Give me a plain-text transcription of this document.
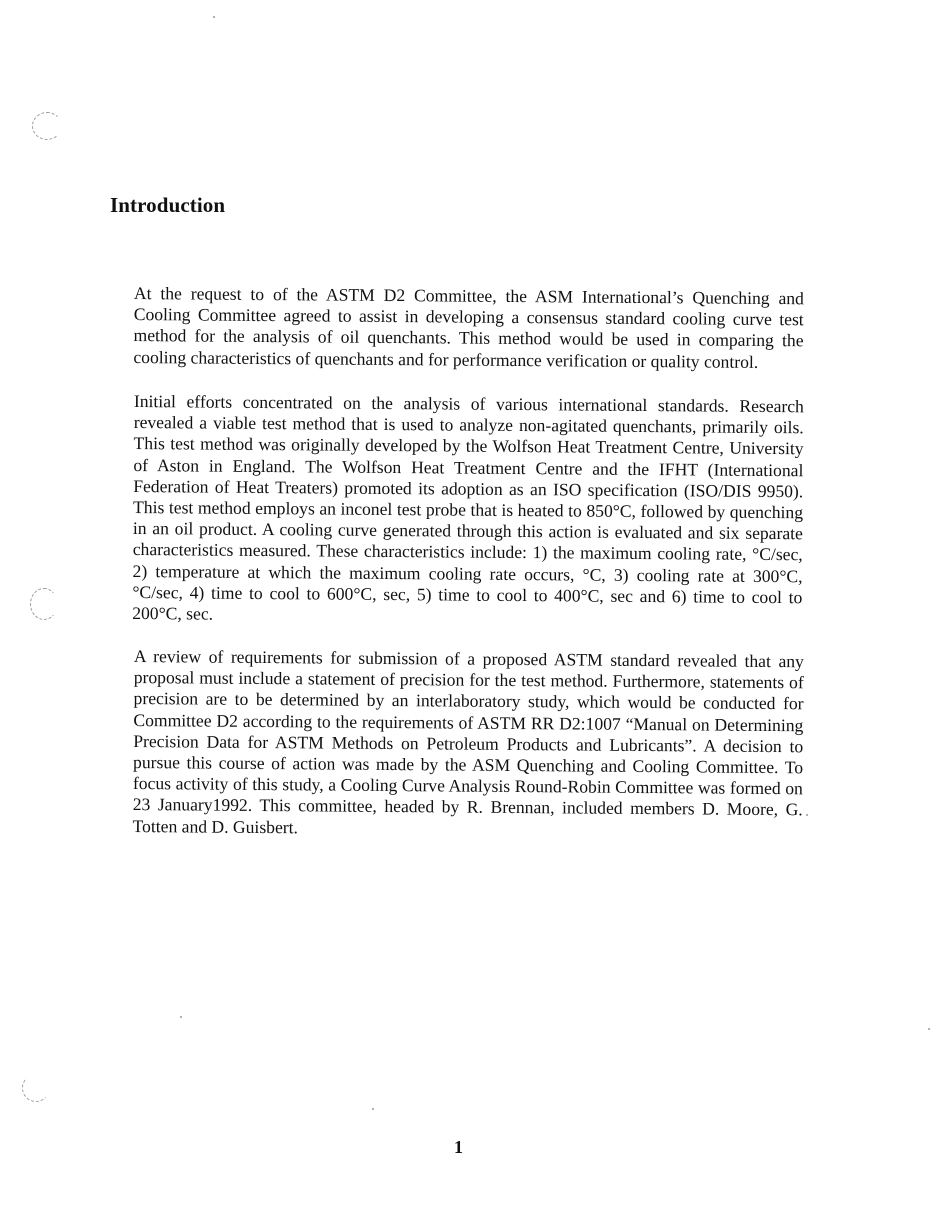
Introduction

At the request to of the ASTM D2 Committee, the ASM International’s Quenching and Cooling Committee agreed to assist in developing a consensus standard cooling curve test method for the analysis of oil quenchants. This method would be used in comparing the cooling characteristics of quenchants and for performance verification or quality control.

Initial efforts concentrated on the analysis of various international standards. Research revealed a viable test method that is used to analyze non-agitated quenchants, primarily oils. This test method was originally developed by the Wolfson Heat Treatment Centre, University of Aston in England. The Wolfson Heat Treatment Centre and the IFHT (International Federation of Heat Treaters) promoted its adoption as an ISO specification (ISO/DIS 9950). This test method employs an inconel test probe that is heated to 850°C, followed by quenching in an oil product. A cooling curve generated through this action is evaluated and six separate characteristics measured. These characteristics include: 1) the maximum cooling rate, °C/sec, 2) temperature at which the maximum cooling rate occurs, °C, 3) cooling rate at 300°C, °C/sec, 4) time to cool to 600°C, sec, 5) time to cool to 400°C, sec and 6) time to cool to 200°C, sec.

A review of requirements for submission of a proposed ASTM standard revealed that any proposal must include a statement of precision for the test method. Furthermore, statements of precision are to be determined by an interlaboratory study, which would be conducted for Committee D2 according to the requirements of ASTM RR D2:1007 “Manual on Determining Precision Data for ASTM Methods on Petroleum Products and Lubricants”. A decision to pursue this course of action was made by the ASM Quenching and Cooling Committee. To focus activity of this study, a Cooling Curve Analysis Round-Robin Committee was formed on 23 January1992. This committee, headed by R. Brennan, included members D. Moore, G. Totten and D. Guisbert.

1
